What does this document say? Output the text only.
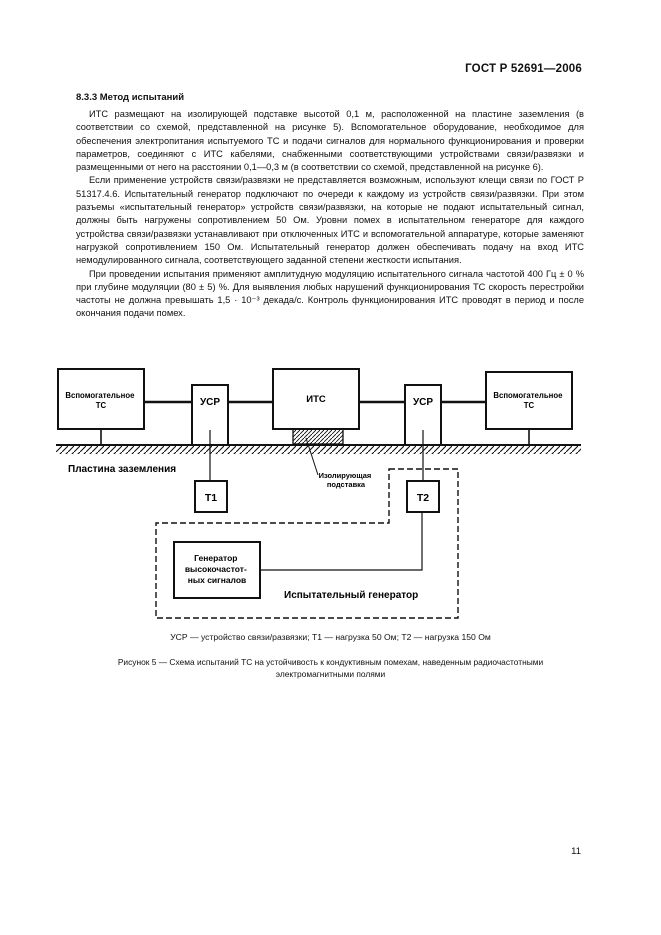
ГОСТ Р 52691—2006
8.3.3 Метод испытаний

ИТС размещают на изолирующей подставке высотой 0,1 м, расположенной на пластине заземления (в соответствии со схемой, представленной на рисунке 5). Вспомогательное оборудование, необходимое для обеспечения электропитания испытуемого ТС и подачи сигналов для нормального функционирования и проверки параметров, соединяют с ИТС кабелями, снабженными соответствующими устройствами связи/развязки и размещенными от него на расстоянии 0,1—0,3 м (в соответствии со схемой, представленной на рисунке 6).

Если применение устройств связи/развязки не представляется возможным, используют клещи связи по ГОСТ Р 51317.4.6. Испытательный генератор подключают по очереди к каждому из устройств связи/развязки. При этом разъемы «испытательный генератор» устройств связи/развязки, на которые не подают испытательный сигнал, должны быть нагружены сопротивлением 50 Ом. Уровни помех в испытательном генераторе для каждого устройства связи/развязки устанавливают при отключенных ИТС и вспомогательной аппаратуре, которые заменяют нагрузкой сопротивлением 150 Ом. Испытательный генератор должен обеспечивать подачу на вход ИТС немодулированного сигнала, соответствующего заданной степени жесткости испытания.

При проведении испытания применяют амплитудную модуляцию испытательного сигнала частотой 400 Гц ± 0 % при глубине модуляции (80 ± 5) %. Для выявления любых нарушений функционирования ТС скорость перестройки частоты не должна превышать 1,5 · 10⁻³ декада/с. Контроль функционирования ИТС проводят в период и после окончания подачи помех.

Пластина заземления
Изолирующая подставка
Вспомогательное ТС	УСР	ИТС	УСР
Вспомогательное ТС
Т1	Т2
Испытательный генератор
Генератор высокочастот- ных сигналов

УСР — устройство связи/развязки; Т1 — нагрузка 50 Ом; Т2 — нагрузка 150 Ом

Рисунок 5 — Схема испытаний ТС на устойчивость к кондуктивным помехам, наведенным радиочастотными
электромагнитными полями
11
